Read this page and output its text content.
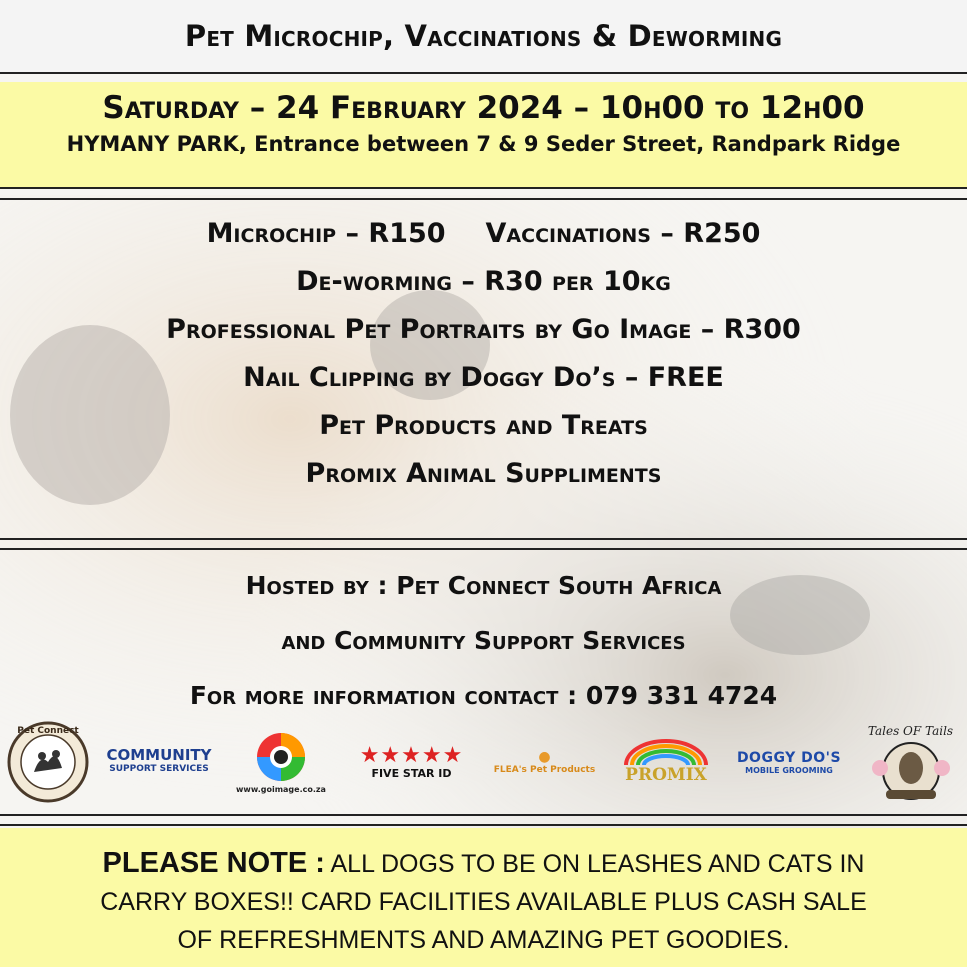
Pet Microchip, Vaccinations & Deworming
Saturday – 24 February 2024 – 10h00 to 12h00
HYMANY PARK, Entrance between 7 & 9 Seder Street, Randpark Ridge
Microchip – R150 Vaccinations – R250
De-worming – R30 per 10kg
Professional Pet Portraits by Go Image – R300
Nail Clipping by Doggy Do’s – FREE
Pet Products and Treats
Promix Animal Suppliments
Hosted by : Pet Connect South Africa
and Community Support Services
For more information contact : 079 331 4724
Pet Connect
COMMUNITY
SUPPORT SERVICES
www.goimage.co.za
★★★★★
FIVE STAR ID
●
FLEA's Pet Products PROMIX
DOGGY DO'S
MOBILE GROOMING
Tales OF Tails

PLEASE NOTE : ALL DOGS TO BE ON LEASHES AND CATS IN

CARRY BOXES!! CARD FACILITIES AVAILABLE PLUS CASH SALE

OF REFRESHMENTS AND AMAZING PET GOODIES.
